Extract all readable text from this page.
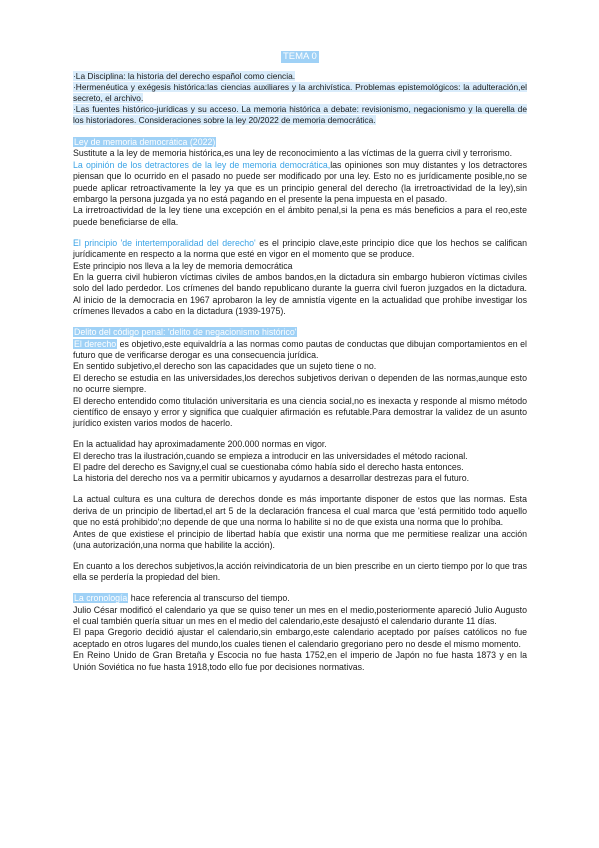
TEMA 0

·La Disciplina: la historia del derecho español como ciencia.

·Hermenéutica y exégesis histórica:las ciencias auxiliares y la archivística. Problemas epistemológicos: la adulteración,el secreto, el archivo.

·Las fuentes histórico-jurídicas y su acceso. La memoria histórica a debate: revisionismo, negacionismo y la querella de los historiadores. Consideraciones sobre la ley 20/2022 de memoria democrática.

Ley de memoria democrática (2022)

Sustitute a la ley de memoria histórica,es una ley de reconocimiento a las víctimas de la guerra civil y terrorismo.

La opinión de los detractores de la ley de memoria democrática,las opiniones son muy distantes y los detractores piensan que lo ocurrido en el pasado no puede ser modificado por una ley. Esto no es jurídicamente posible,no se puede aplicar retroactivamente la ley ya que es un principio general del derecho (la irretroactividad de la ley),sin embargo la persona juzgada ya no está pagando en el presente la pena impuesta en el pasado.

La irretroactividad de la ley tiene una excepción en el ámbito penal,si la pena es más beneficios a para el reo,este puede beneficiarse de ella.

El principio 'de intertemporalidad del derecho' es el principio clave,este principio dice que los hechos se califican jurídicamente en respecto a la norma que esté en vigor en el momento que se produce.

Este principio nos lleva a la ley de memoria democrática

En la guerra civil hubieron víctimas civiles de ambos bandos,en la dictadura sin embargo hubieron víctimas civiles solo del lado perdedor. Los crímenes del bando republicano durante la guerra civil fueron juzgados en la dictadura. Al inicio de la democracia en 1967 aprobaron la ley de amnistía vigente en la actualidad que prohíbe investigar los crímenes llevados a cabo en la dictadura (1939-1975).

Delito del código penal: 'delito de negacionismo histórico'

El derecho es objetivo,este equivaldría a las normas como pautas de conductas que dibujan comportamientos en el futuro que de verificarse derogar es una consecuencia jurídica.

En sentido subjetivo,el derecho son las capacidades que un sujeto tiene o no.

El derecho se estudia en las universidades,los derechos subjetivos derivan o dependen de las normas,aunque esto no ocurre siempre.

El derecho entendido como titulación universitaria es una ciencia social,no es inexacta y responde al mismo método científico de ensayo y error y significa que cualquier afirmación es refutable.Para demostrar la validez de un asunto jurídico existen varios modos de hacerlo.

En la actualidad hay aproximadamente 200.000 normas en vigor.

El derecho tras la ilustración,cuando se empieza a introducir en las universidades el método racional.

El padre del derecho es Savigny,el cual se cuestionaba cómo había sido el derecho hasta entonces.

La historia del derecho nos va a permitir ubicarnos y ayudarnos a desarrollar destrezas para el futuro.

La actual cultura es una cultura de derechos donde es más importante disponer de estos que las normas. Esta deriva de un principio de libertad,el art 5 de la declaración francesa el cual marca que 'está permitido todo aquello que no está prohibido';no depende de que una norma lo habilite si no de que exista una norma que lo prohíba.

Antes de que existiese el principio de libertad había que existir una norma que me permitiese realizar una acción (una autorización,una norma que habilite la acción).

En cuanto a los derechos subjetivos,la acción reivindicatoria de un bien prescribe en un cierto tiempo por lo que tras ella se perdería la propiedad del bien.

La cronología hace referencia al transcurso del tiempo.

Julio César modificó el calendario ya que se quiso tener un mes en el medio,posteriormente apareció Julio Augusto el cual también quería situar un mes en el medio del calendario,este desajustó el calendario durante 11 días.

El papa Gregorio decidió ajustar el calendario,sin embargo,este calendario aceptado por países católicos no fue aceptado en otros lugares del mundo,los cuales tienen el calendario gregoriano pero no desde el mismo momento.

En Reino Unido de Gran Bretaña y Escocia no fue hasta 1752,en el imperio de Japón no fue hasta 1873 y en la Unión Soviética no fue hasta 1918,todo ello fue por decisiones normativas.
